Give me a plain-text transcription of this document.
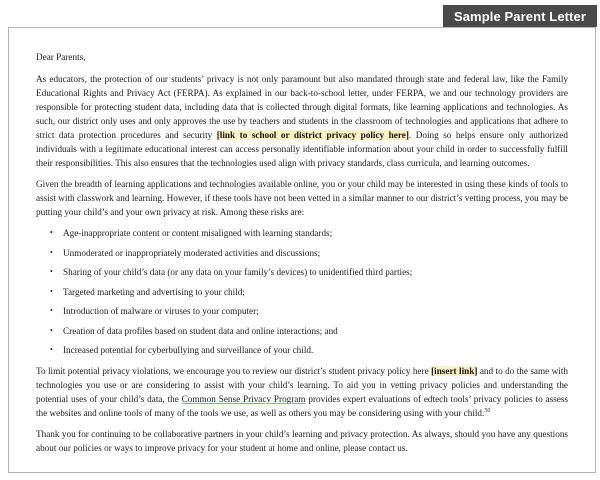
Sample Parent Letter

Dear Parents,

As educators, the protection of our students’ privacy is not only paramount but also mandated through state and federal law, like the Family Educational Rights and Privacy Act (FERPA). As explained in our back-to-school letter, under FERPA, we and our technology providers are responsible for protecting student data, including data that is collected through digital formats, like learning applications and technologies. As such, our district only uses and only approves the use by teachers and students in the classroom of technologies and applications that adhere to strict data protection procedures and security [link to school or district privacy policy here]. Doing so helps ensure only authorized individuals with a legitimate educational interest can access personally identifiable information about your child in order to successfully fulfill their responsibilities. This also ensures that the technologies used align with privacy standards, class curricula, and learning outcomes.

Given the breadth of learning applications and technologies available online, you or your child may be interested in using these kinds of tools to assist with classwork and learning. However, if these tools have not been vetted in a similar manner to our district’s vetting process, you may be putting your child’s and your own privacy at risk. Among these risks are:

•	Age-inappropriate content or content misaligned with learning standards;
•	Unmoderated or inappropriately moderated activities and discussions;
•	Sharing of your child’s data (or any data on your family’s devices) to unidentified third parties;
•	Targeted marketing and advertising to your child;
•	Introduction of malware or viruses to your computer;
•	Creation of data profiles based on student data and online interactions; and
•	Increased potential for cyberbullying and surveillance of your child.

To limit potential privacy violations, we encourage you to review our district’s student privacy policy here [insert link] and to do the same with technologies you use or are considering to assist with your child’s learning. To aid you in vetting privacy policies and understanding the potential uses of your child’s data, the Common Sense Privacy Program provides expert evaluations of edtech tools’ privacy policies to assess the websites and online tools of many of the tools we use, as well as others you may be considering using with your child.$^{50}$

Thank you for continuing to be collaborative partners in your child’s learning and privacy protection. As always, should you have any questions about our policies or ways to improve privacy for your student at home and online, please contact us.
